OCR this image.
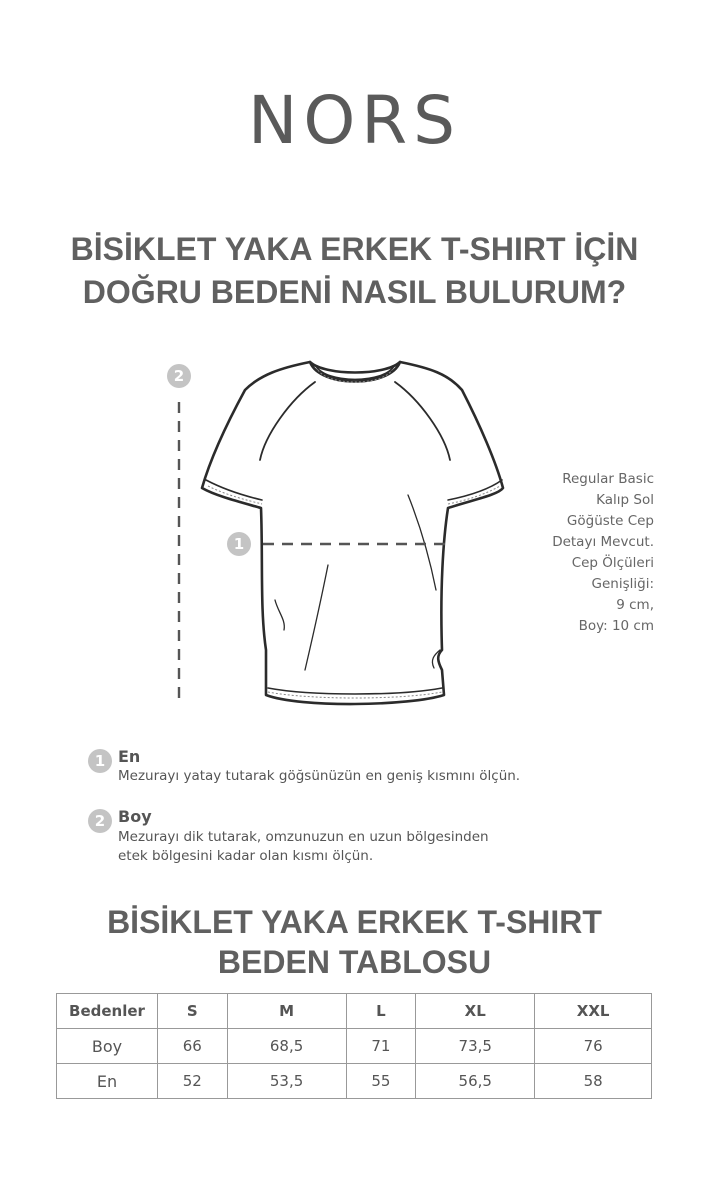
NORS
BİSİKLET YAKA ERKEK T-SHIRT İÇİN
DOĞRU BEDENİ NASIL BULURUM?
2
1
Regular Basic
Kalıp Sol
Göğüste Cep
Detayı Mevcut.
Cep Ölçüleri
Genişliği:
9 cm,
Boy: 10 cm
1 En
Mezurayı yatay tutarak göğsünüzün en geniş kısmını ölçün.
2 Boy
Mezurayı dik tutarak, omzunuzun en uzun bölgesinden
etek bölgesini kadar olan kısmı ölçün.
BİSİKLET YAKA ERKEK T-SHIRT
BEDEN TABLOSU
Bedenler	S	M	L	XL	XXL
Boy	66	68,5	71	73,5	76
En	52	53,5	55	56,5	58
